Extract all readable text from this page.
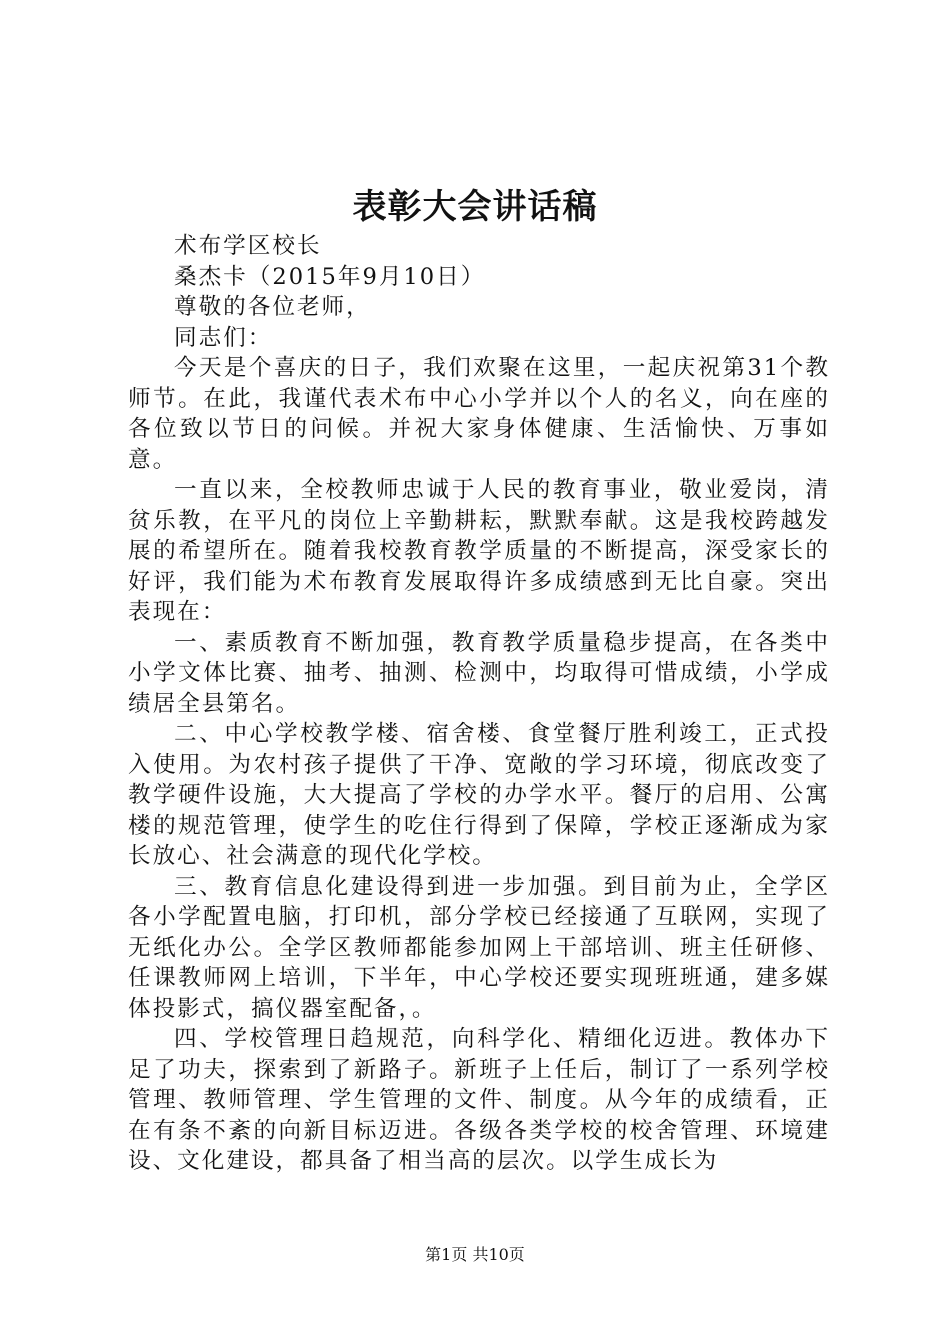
表彰大会讲话稿

术布学区校长

桑杰卡（2015年9月10日）

尊敬的各位老师，

同志们：

今天是个喜庆的日子，我们欢聚在这里，一起庆祝第31个教师节。在此，我谨代表术布中心小学并以个人的名义，向在座的各位致以节日的问候。并祝大家身体健康、生活愉快、万事如意。

一直以来，全校教师忠诚于人民的教育事业，敬业爱岗，清贫乐教，在平凡的岗位上辛勤耕耘，默默奉献。这是我校跨越发展的希望所在。随着我校教育教学质量的不断提高，深受家长的好评，我们能为术布教育发展取得许多成绩感到无比自豪。突出表现在：

一、素质教育不断加强，教育教学质量稳步提高，在各类中小学文体比赛、抽考、抽测、检测中，均取得可惜成绩，小学成绩居全县第名。

二、中心学校教学楼、宿舍楼、食堂餐厅胜利竣工，正式投入使用。为农村孩子提供了干净、宽敞的学习环境，彻底改变了教学硬件设施，大大提高了学校的办学水平。餐厅的启用、公寓楼的规范管理，使学生的吃住行得到了保障，学校正逐渐成为家长放心、社会满意的现代化学校。

三、教育信息化建设得到进一步加强。到目前为止，全学区各小学配置电脑，打印机，部分学校已经接通了互联网，实现了无纸化办公。全学区教师都能参加网上干部培训、班主任研修、任课教师网上培训，下半年，中心学校还要实现班班通，建多媒体投影式，搞仪器室配备，。

四、学校管理日趋规范，向科学化、精细化迈进。教体办下足了功夫，探索到了新路子。新班子上任后，制订了一系列学校管理、教师管理、学生管理的文件、制度。从今年的成绩看，正在有条不紊的向新目标迈进。各级各类学校的校舍管理、环境建设、文化建设，都具备了相当高的层次。以学生成长为

第1页 共10页
